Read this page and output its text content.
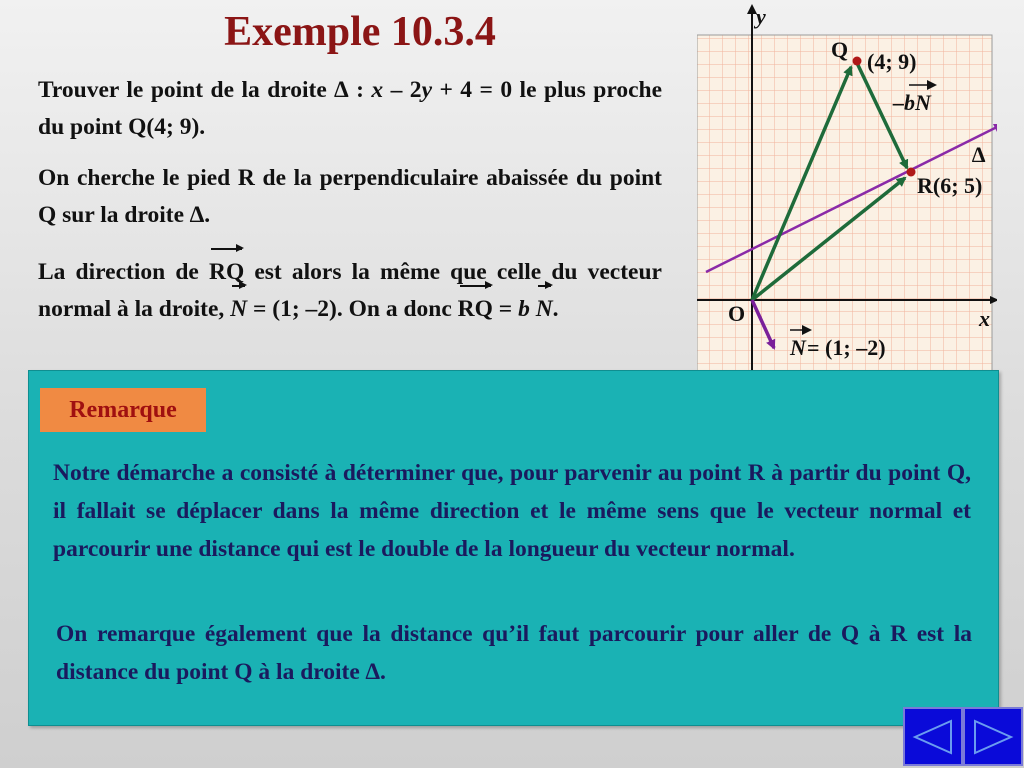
Exemple 10.3.4
Trouver le point de la droite ∆ : x – 2y + 4 = 0 le plus proche du point Q(4; 9).
On cherche le pied R de la perpendiculaire abaissée du point Q sur la droite ∆.
La direction de RQ est alors la même que celle du vecteur normal à la droite, N = (1; –2). On a donc RQ = b N.
y
x
O
∆
Q (4; 9)
R(6; 5)
–bN
N = (1; –2)
Remarque
Notre démarche a consisté à déterminer que, pour parvenir au point R à partir du point Q, il fallait se déplacer dans la même direction et le même sens que le vecteur normal et parcourir une distance qui est le double de la longueur du vecteur normal.
On remarque également que la distance qu’il faut parcourir pour aller de Q à R est la distance du point Q à la droite ∆.
